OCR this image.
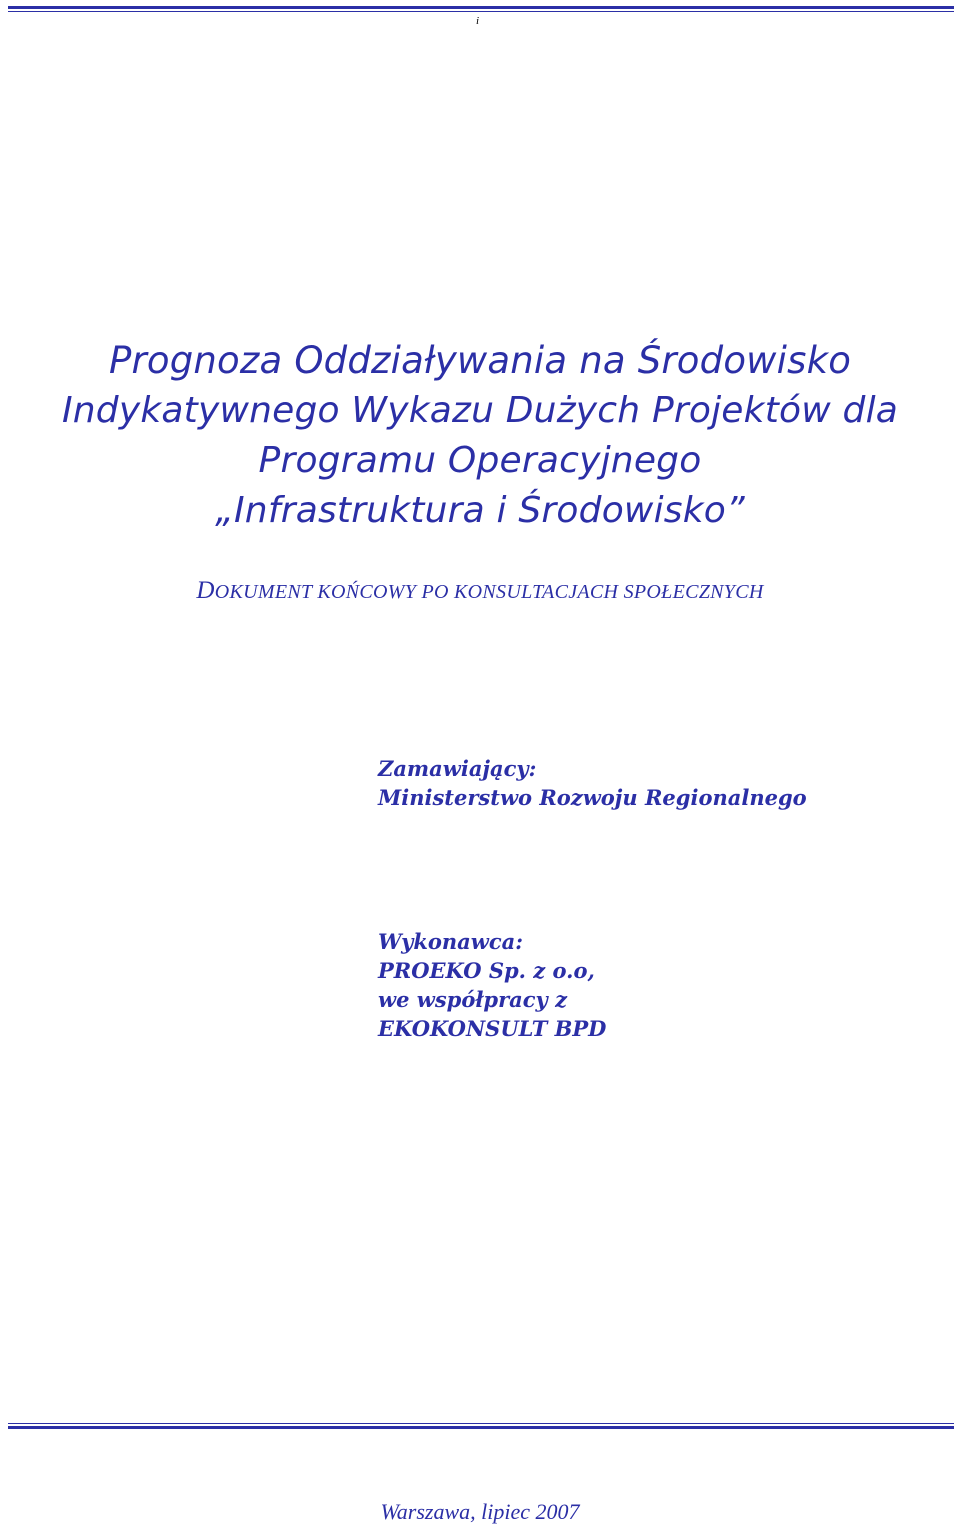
i
Prognoza Oddziaływania na Środowisko
Indykatywnego Wykazu Dużych Projektów dla
Programu Operacyjnego
„Infrastruktura i Środowisko”
DOKUMENT KOŃCOWY PO KONSULTACJACH SPOŁECZNYCH
Zamawiający:
Ministerstwo Rozwoju Regionalnego
Wykonawca:
PROEKO Sp. z o.o,
we współpracy z
EKOKONSULT BPD
Warszawa, lipiec 2007
